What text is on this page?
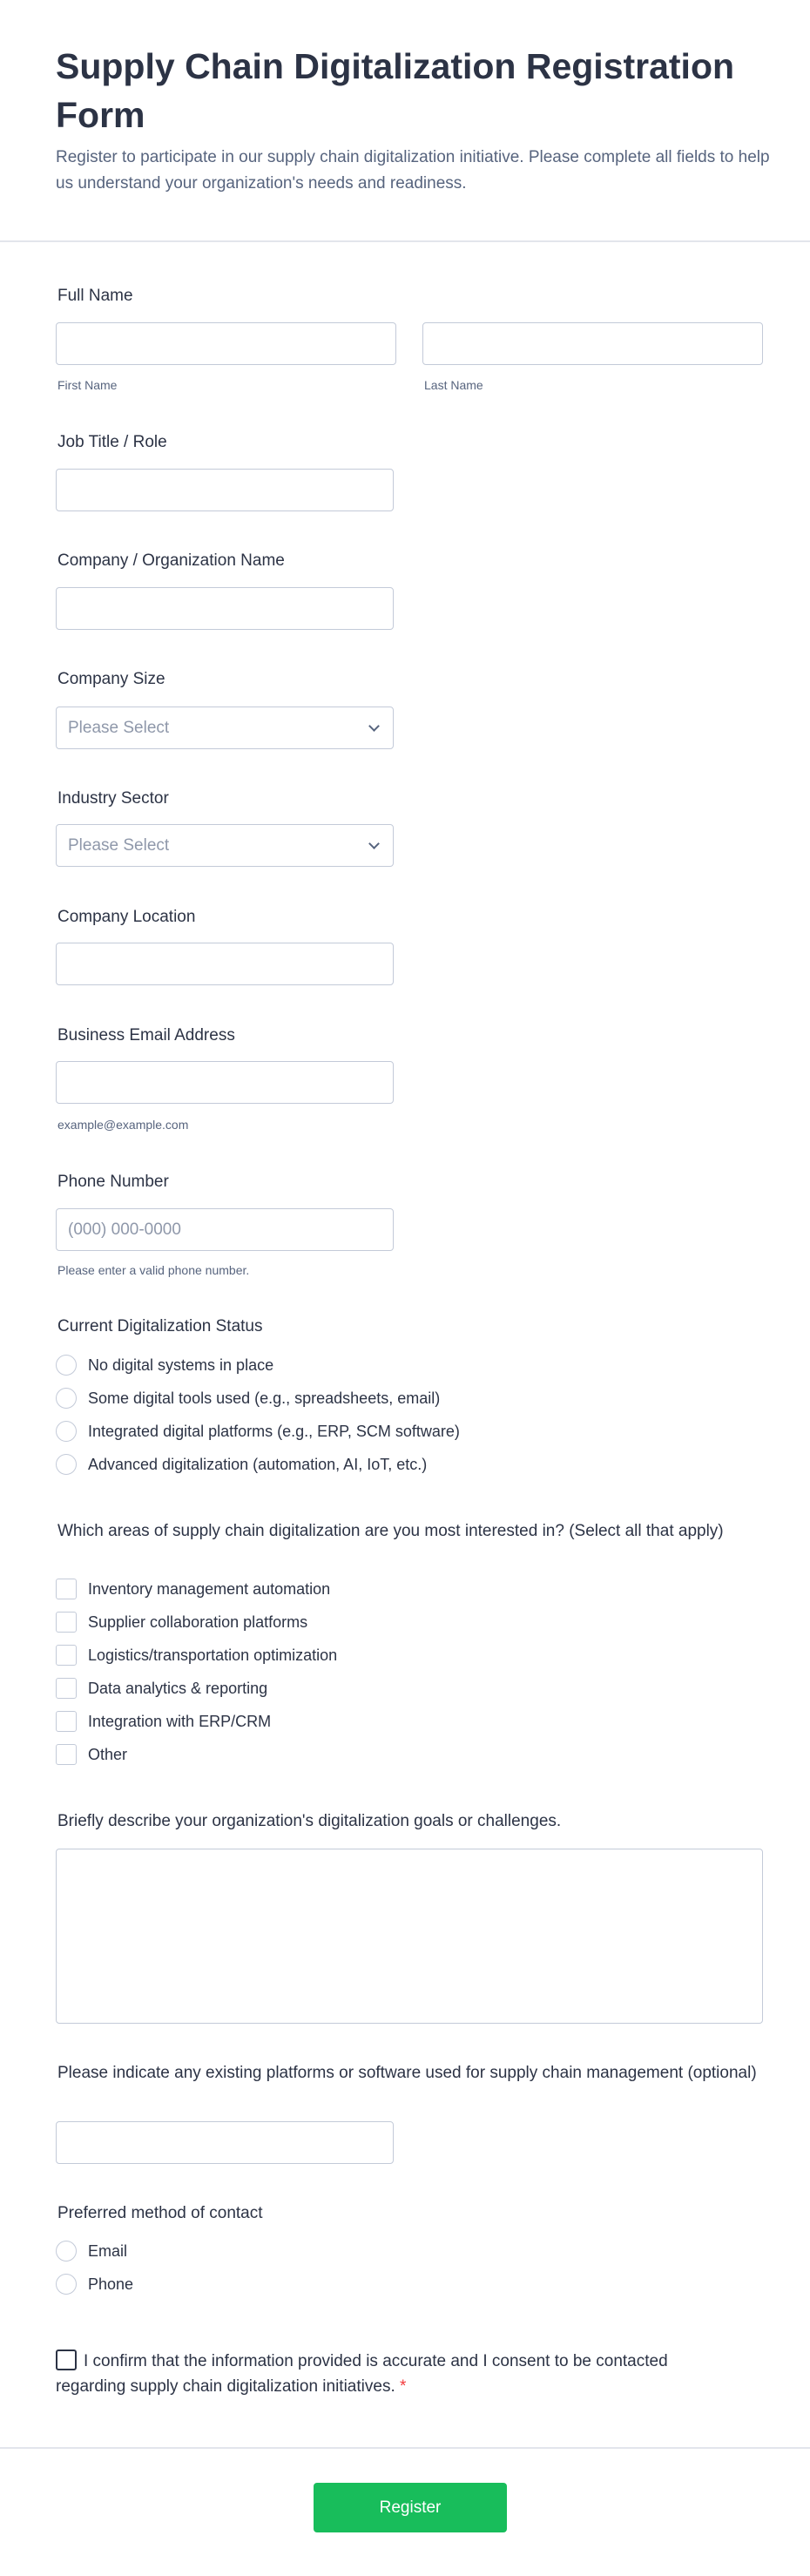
Supply Chain Digitalization Registration Form

Register to participate in our supply chain digitalization initiative. Please complete all fields to help us understand your organization's needs and readiness.

Full Name
First Name	Last Name
Job Title / Role
Company / Organization Name
Company Size
Please Select
Industry Sector
Please Select
Company Location
Business Email Address
example@example.com
Phone Number
(000) 000-0000
Please enter a valid phone number.
Current Digitalization Status
No digital systems in place
Some digital tools used (e.g., spreadsheets, email)
Integrated digital platforms (e.g., ERP, SCM software)
Advanced digitalization (automation, AI, IoT, etc.)
Which areas of supply chain digitalization are you most interested in? (Select all that apply)
Inventory management automation
Supplier collaboration platforms
Logistics/transportation optimization
Data analytics & reporting
Integration with ERP/CRM
Other
Briefly describe your organization's digitalization goals or challenges.
Please indicate any existing platforms or software used for supply chain management (optional)
Preferred method of contact
Email
Phone
I confirm that the information provided is accurate and I consent to be contacted regarding supply chain digitalization initiatives. *
Register
